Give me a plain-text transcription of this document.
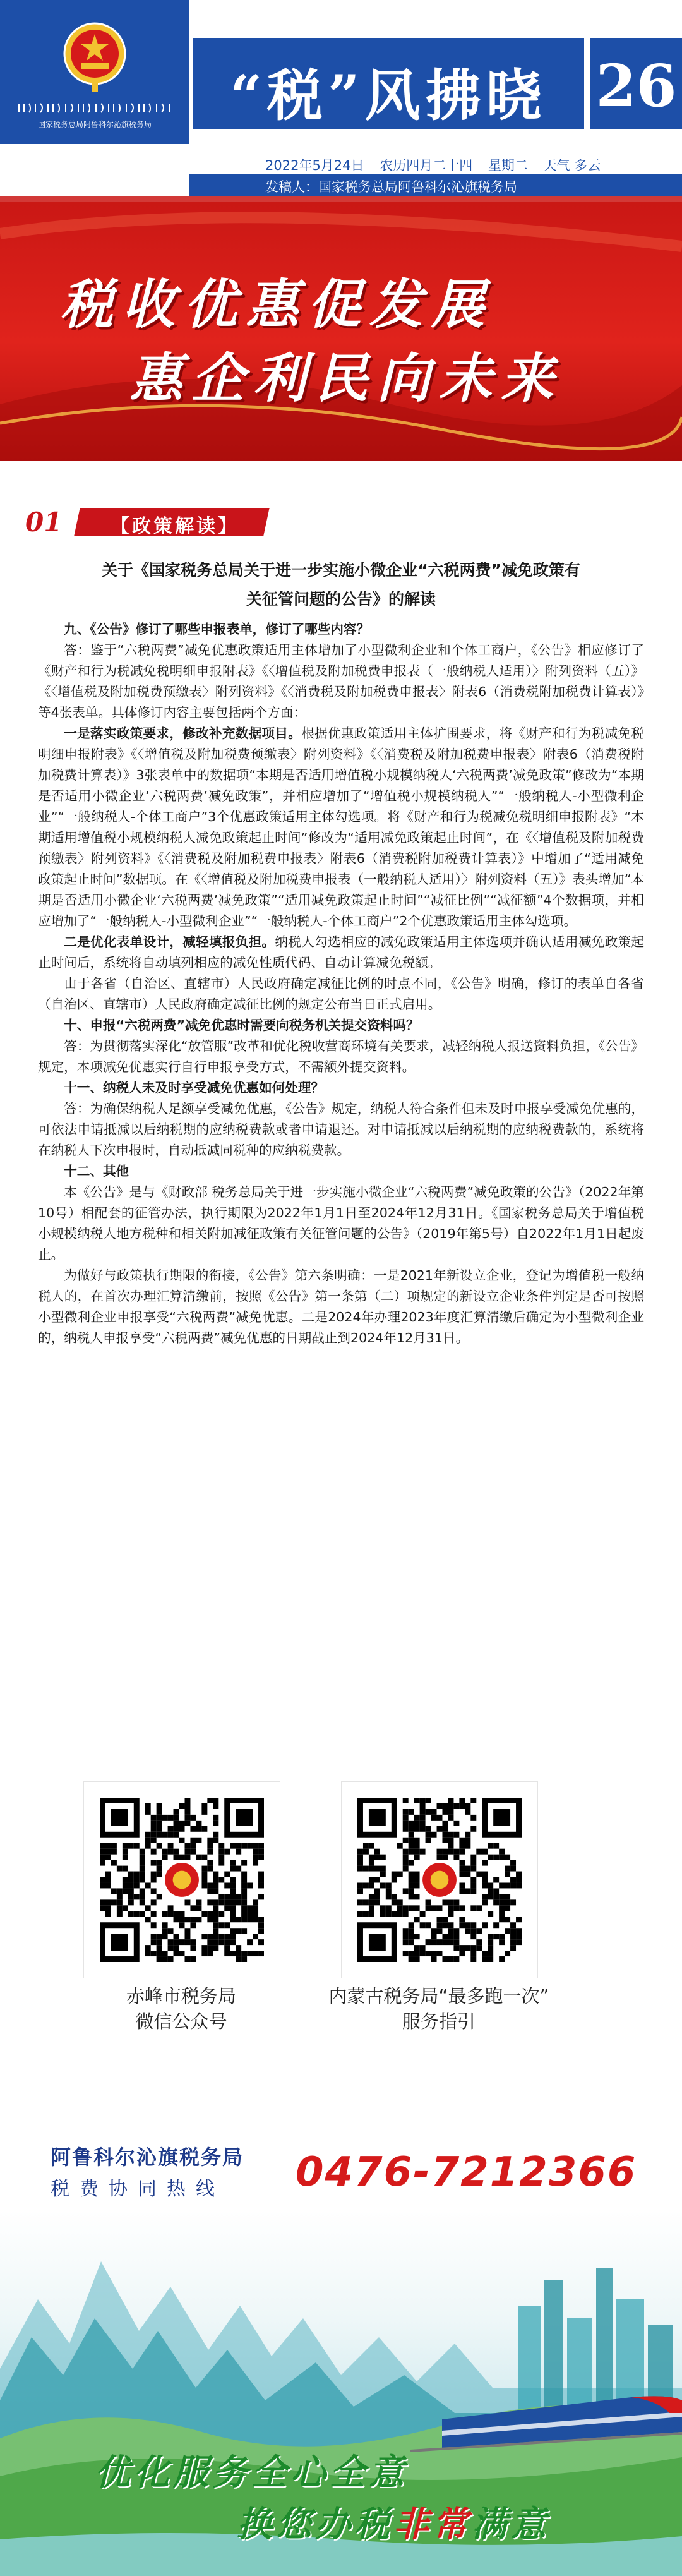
国家税务总局阿鲁科尔沁旗税务局	“税”风拂晓 26
2022年5月24日 农历四月二十四 星期二 天气 多云
发稿人：国家税务总局阿鲁科尔沁旗税务局
税收优惠促发展
惠企利民向未来
01	【政策解读】
关于《国家税务总局关于进一步实施小微企业“六税两费”减免政策有
关征管问题的公告》的解读

九、《公告》修订了哪些申报表单，修订了哪些内容？

答：鉴于“六税两费”减免优惠政策适用主体增加了小型微利企业和个体工商户，《公告》相应修订了《财产和行为税减免税明细申报附表》《〈增值税及附加税费申报表（一般纳税人适用）〉附列资料（五）》《〈增值税及附加税费预缴表〉附列资料》《〈消费税及附加税费申报表〉附表6（消费税附加税费计算表）》等4张表单。具体修订内容主要包括两个方面：

一是落实政策要求，修改补充数据项目。根据优惠政策适用主体扩围要求，将《财产和行为税减免税明细申报附表》《〈增值税及附加税费预缴表〉附列资料》《〈消费税及附加税费申报表〉附表6（消费税附加税费计算表）》3张表单中的数据项“本期是否适用增值税小规模纳税人‘六税两费’减免政策”修改为“本期是否适用小微企业‘六税两费’减免政策”，并相应增加了“增值税小规模纳税人”“一般纳税人-小型微利企业”“一般纳税人-个体工商户”3个优惠政策适用主体勾选项。将《财产和行为税减免税明细申报附表》“本期适用增值税小规模纳税人减免政策起止时间”修改为“适用减免政策起止时间”，在《〈增值税及附加税费预缴表〉附列资料》《〈消费税及附加税费申报表〉附表6（消费税附加税费计算表）》中增加了“适用减免政策起止时间”数据项。在《〈增值税及附加税费申报表（一般纳税人适用）〉附列资料（五）》表头增加“本期是否适用小微企业‘六税两费’减免政策”“适用减免政策起止时间”“减征比例”“减征额”4个数据项，并相应增加了“一般纳税人-小型微利企业”“一般纳税人-个体工商户”2个优惠政策适用主体勾选项。

二是优化表单设计，减轻填报负担。纳税人勾选相应的减免政策适用主体选项并确认适用减免政策起止时间后，系统将自动填列相应的减免性质代码、自动计算减免税额。

由于各省（自治区、直辖市）人民政府确定减征比例的时点不同，《公告》明确，修订的表单自各省（自治区、直辖市）人民政府确定减征比例的规定公布当日正式启用。

十、申报“六税两费”减免优惠时需要向税务机关提交资料吗？

答：为贯彻落实深化“放管服”改革和优化税收营商环境有关要求，减轻纳税人报送资料负担，《公告》规定，本项减免优惠实行自行申报享受方式，不需额外提交资料。

十一、纳税人未及时享受减免优惠如何处理？

答：为确保纳税人足额享受减免优惠，《公告》规定，纳税人符合条件但未及时申报享受减免优惠的，可依法申请抵减以后纳税期的应纳税费款或者申请退还。对申请抵减以后纳税期的应纳税费款的，系统将在纳税人下次申报时，自动抵减同税种的应纳税费款。

十二、其他

本《公告》是与《财政部 税务总局关于进一步实施小微企业“六税两费”减免政策的公告》（2022年第10号）相配套的征管办法，执行期限为2022年1月1日至2024年12月31日。《国家税务总局关于增值税小规模纳税人地方税种和相关附加减征政策有关征管问题的公告》（2019年第5号）自2022年1月1日起废止。

为做好与政策执行期限的衔接，《公告》第六条明确：一是2021年新设立企业，登记为增值税一般纳税人的，在首次办理汇算清缴前，按照《公告》第一条第（二）项规定的新设立企业条件判定是否可按照小型微利企业申报享受“六税两费”减免优惠。二是2024年办理2023年度汇算清缴后确定为小型微利企业的，纳税人申报享受“六税两费”减免优惠的日期截止到2024年12月31日。

赤峰市税务局
微信公众号
内蒙古税务局“最多跑一次”
服务指引
阿鲁科尔沁旗税务局
税费协同热线 0476-7212366
优化服务全心全意
换您办税非常满意
